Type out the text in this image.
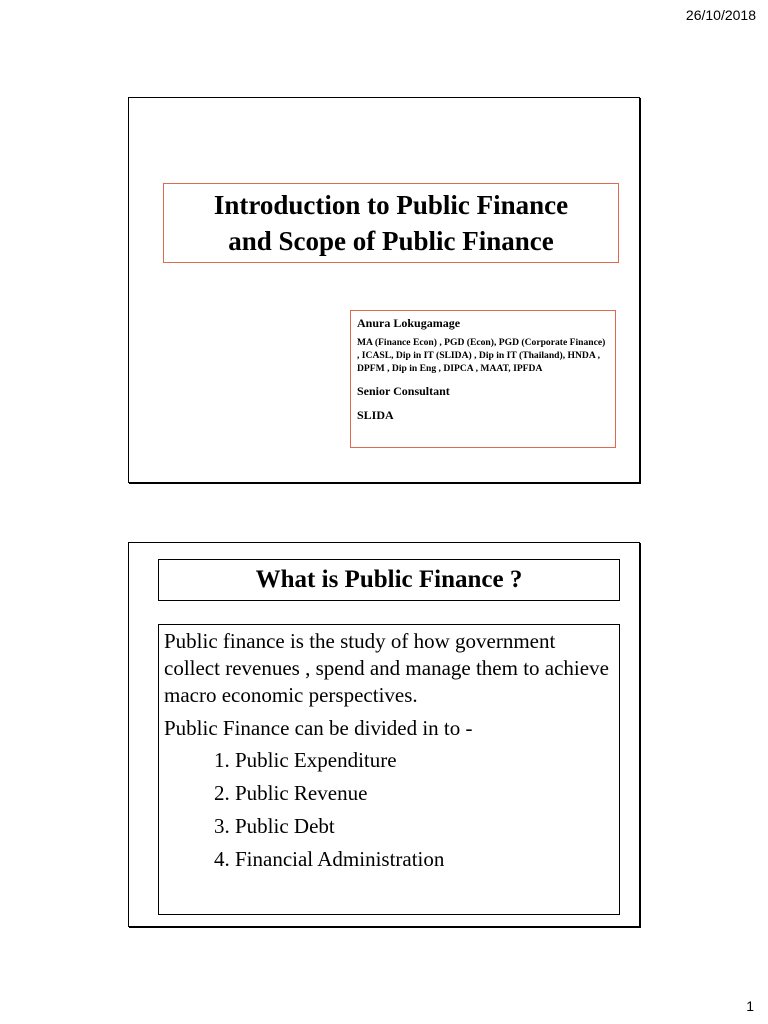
26/10/2018
Introduction to Public Finance
and Scope of Public Finance
Anura Lokugamage
MA (Finance Econ) , PGD (Econ), PGD (Corporate Finance) , ICASL, Dip in IT (SLIDA) , Dip in IT (Thailand), HNDA , DPFM , Dip in Eng , DIPCA , MAAT, IPFDA
Senior Consultant
SLIDA
What is Public Finance ?
Public finance is the study of how government collect revenues , spend and manage them to achieve macro economic perspectives.
Public Finance can be divided in to -
1. Public Expenditure
2. Public Revenue
3. Public Debt
4. Financial Administration
1
